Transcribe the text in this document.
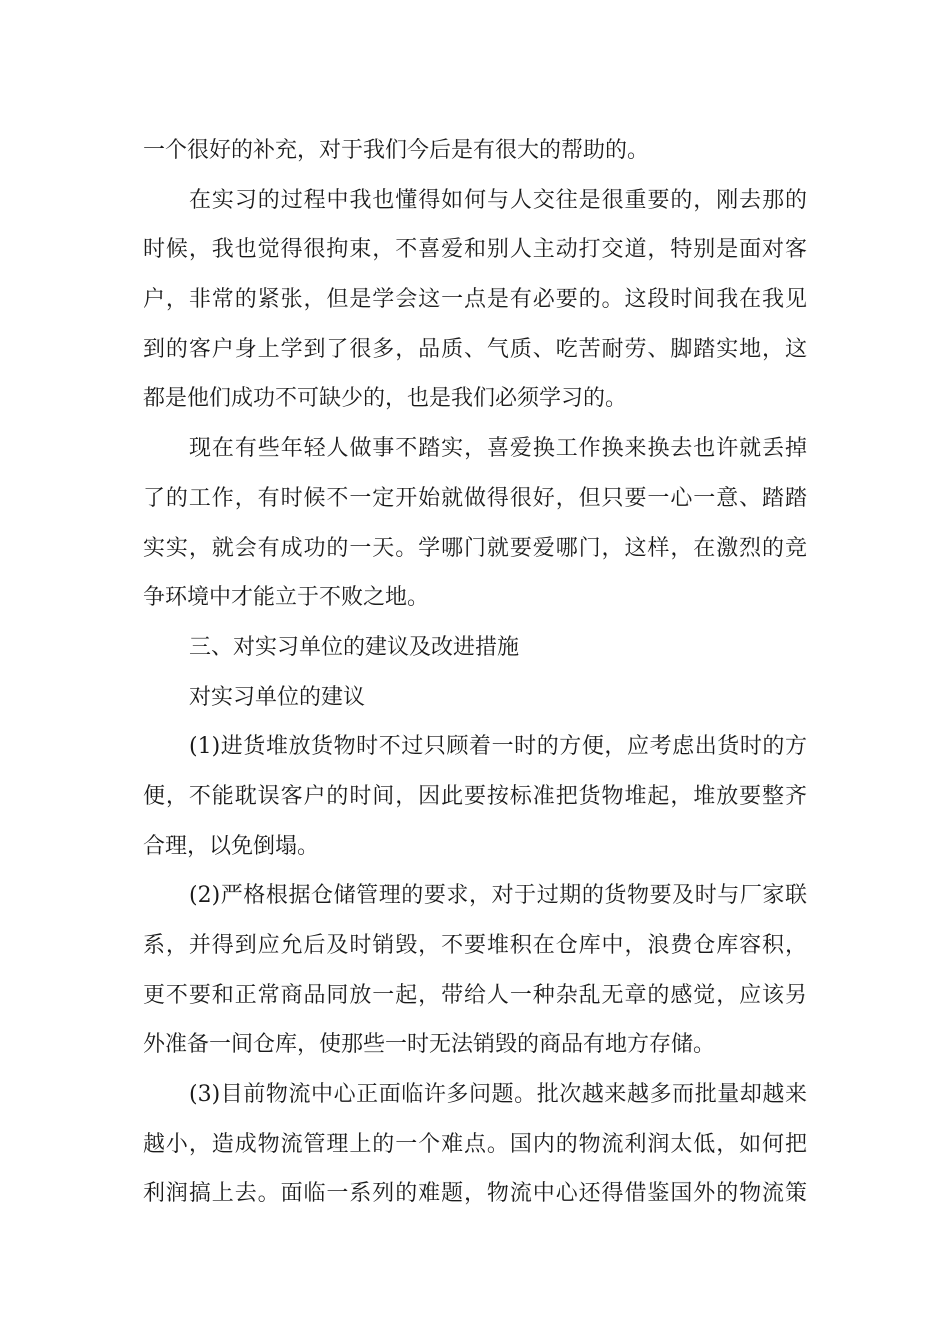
一个很好的补充，对于我们今后是有很大的帮助的。
在实习的过程中我也懂得如何与人交往是很重要的，刚去那的
时候，我也觉得很拘束，不喜爱和别人主动打交道，特别是面对客
户，非常的紧张，但是学会这一点是有必要的。这段时间我在我见
到的客户身上学到了很多，品质、气质、吃苦耐劳、脚踏实地，这
都是他们成功不可缺少的，也是我们必须学习的。
现在有些年轻人做事不踏实，喜爱换工作换来换去也许就丢掉
了的工作，有时候不一定开始就做得很好，但只要一心一意、踏踏
实实，就会有成功的一天。学哪门就要爱哪门，这样，在激烈的竞
争环境中才能立于不败之地。
三、对实习单位的建议及改进措施
对实习单位的建议
(1)进货堆放货物时不过只顾着一时的方便，应考虑出货时的方
便，不能耽误客户的时间，因此要按标准把货物堆起，堆放要整齐
合理，以免倒塌。
(2)严格根据仓储管理的要求，对于过期的货物要及时与厂家联
系，并得到应允后及时销毁，不要堆积在仓库中，浪费仓库容积，
更不要和正常商品同放一起，带给人一种杂乱无章的感觉，应该另
外准备一间仓库，使那些一时无法销毁的商品有地方存储。
(3)目前物流中心正面临许多问题。批次越来越多而批量却越来
越小，造成物流管理上的一个难点。国内的物流利润太低，如何把
利润搞上去。面临一系列的难题，物流中心还得借鉴国外的物流策
